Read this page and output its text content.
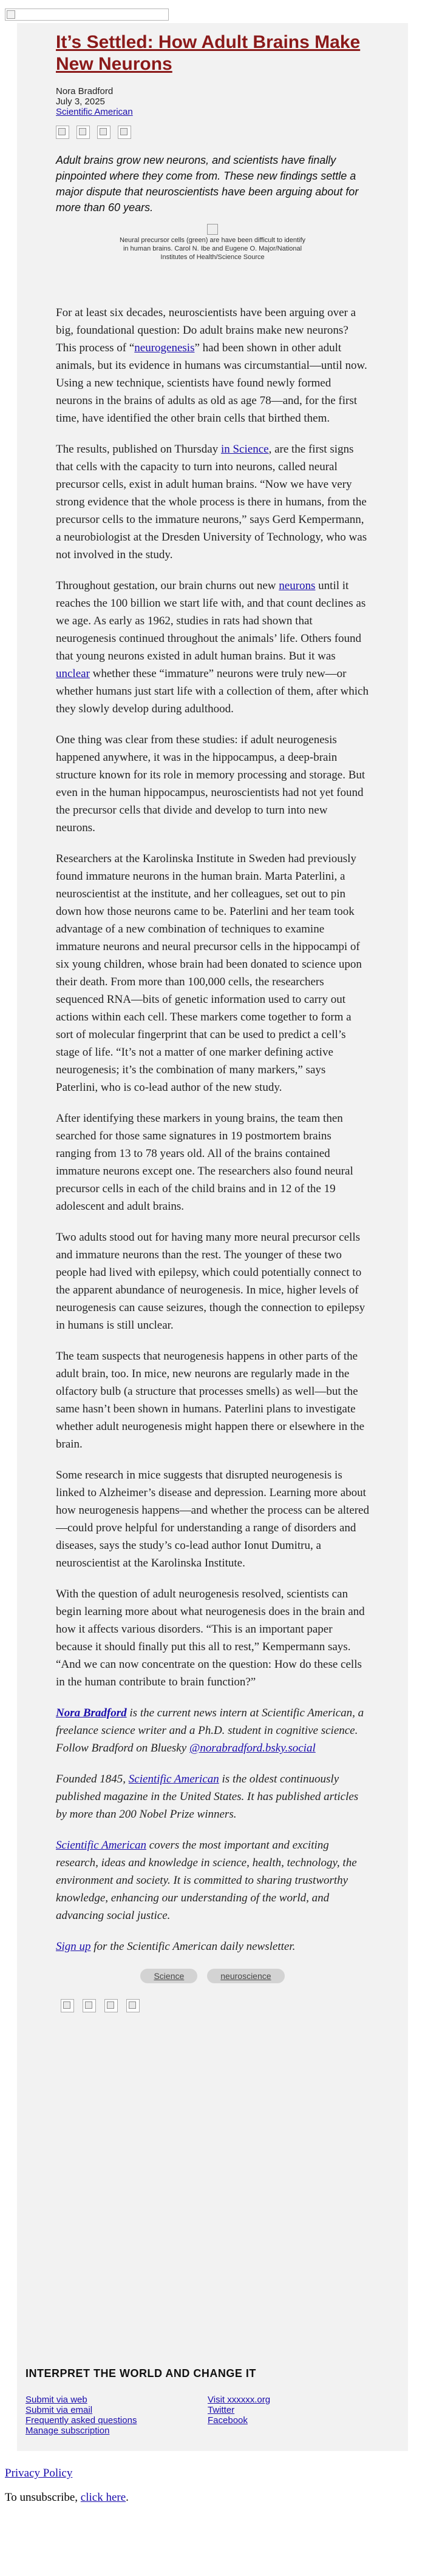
It’s Settled: How Adult Brains Make New Neurons
Nora Bradford
July 3, 2025
Scientific American
Adult brains grow new neurons, and scientists have finally pinpointed where they come from. These new findings settle a major dispute that neuroscientists have been arguing about for more than 60 years.
Neural precursor cells (green) are have been difficult to identify in human brains. Carol N. Ibe and Eugene O. Major/National Institutes of Health/Science Source

For at least six decades, neuroscientists have been arguing over a big, foundational question: Do adult brains make new neurons? This process of “neurogenesis” had been shown in other adult animals, but its evidence in humans was circumstantial—until now. Using a new technique, scientists have found newly formed neurons in the brains of adults as old as age 78—and, for the first time, have identified the other brain cells that birthed them.

The results, published on Thursday in Science, are the first signs that cells with the capacity to turn into neurons, called neural precursor cells, exist in adult human brains. “Now we have very strong evidence that the whole process is there in humans, from the precursor cells to the immature neurons,” says Gerd Kempermann, a neurobiologist at the Dresden University of Technology, who was not involved in the study.

Throughout gestation, our brain churns out new neurons until it reaches the 100 billion we start life with, and that count declines as we age. As early as 1962, studies in rats had shown that neurogenesis continued throughout the animals’ life. Others found that young neurons existed in adult human brains. But it was unclear whether these “immature” neurons were truly new—or whether humans just start life with a collection of them, after which they slowly develop during adulthood.

One thing was clear from these studies: if adult neurogenesis happened anywhere, it was in the hippocampus, a deep-brain structure known for its role in memory processing and storage. But even in the human hippocampus, neuroscientists had not yet found the precursor cells that divide and develop to turn into new neurons.

Researchers at the Karolinska Institute in Sweden had previously found immature neurons in the human brain. Marta Paterlini, a neuroscientist at the institute, and her colleagues, set out to pin down how those neurons came to be. Paterlini and her team took advantage of a new combination of techniques to examine immature neurons and neural precursor cells in the hippocampi of six young children, whose brain had been donated to science upon their death. From more than 100,000 cells, the researchers sequenced RNA—bits of genetic information used to carry out actions within each cell. These markers come together to form a sort of molecular fingerprint that can be used to predict a cell’s stage of life. “It’s not a matter of one marker defining active neurogenesis; it’s the combination of many markers,” says Paterlini, who is co-lead author of the new study.

After identifying these markers in young brains, the team then searched for those same signatures in 19 postmortem brains ranging from 13 to 78 years old. All of the brains contained immature neurons except one. The researchers also found neural precursor cells in each of the child brains and in 12 of the 19 adolescent and adult brains.

Two adults stood out for having many more neural precursor cells and immature neurons than the rest. The younger of these two people had lived with epilepsy, which could potentially connect to the apparent abundance of neurogenesis. In mice, higher levels of neurogenesis can cause seizures, though the connection to epilepsy in humans is still unclear.

The team suspects that neurogenesis happens in other parts of the adult brain, too. In mice, new neurons are regularly made in the olfactory bulb (a structure that processes smells) as well—but the same hasn’t been shown in humans. Paterlini plans to investigate whether adult neurogenesis might happen there or elsewhere in the brain.

Some research in mice suggests that disrupted neurogenesis is linked to Alzheimer’s disease and depression. Learning more about how neurogenesis happens—and whether the process can be altered—could prove helpful for understanding a range of disorders and diseases, says the study’s co-lead author Ionut Dumitru, a neuroscientist at the Karolinska Institute.

With the question of adult neurogenesis resolved, scientists can begin learning more about what neurogenesis does in the brain and how it affects various disorders. “This is an important paper because it should finally put this all to rest,” Kempermann says. “And we can now concentrate on the question: How do these cells in the human contribute to brain function?”

Nora Bradford is the current news intern at Scientific American, a freelance science writer and a Ph.D. student in cognitive science. Follow Bradford on Bluesky @norabradford.bsky.social

Founded 1845, Scientific American is the oldest continuously published magazine in the United States. It has published articles by more than 200 Nobel Prize winners.

Scientific American covers the most important and exciting research, ideas and knowledge in science, health, technology, the environment and society. It is committed to sharing trustworthy knowledge, enhancing our understanding of the world, and advancing social justice.

Sign up for the Scientific American daily newsletter.

Science	neuroscience
INTERPRET THE WORLD AND CHANGE IT
Submit via web
Submit via email
Frequently asked questions
Manage subscription
Visit xxxxxx.org
Twitter
Facebook
Privacy Policy
To unsubscribe, click here.
